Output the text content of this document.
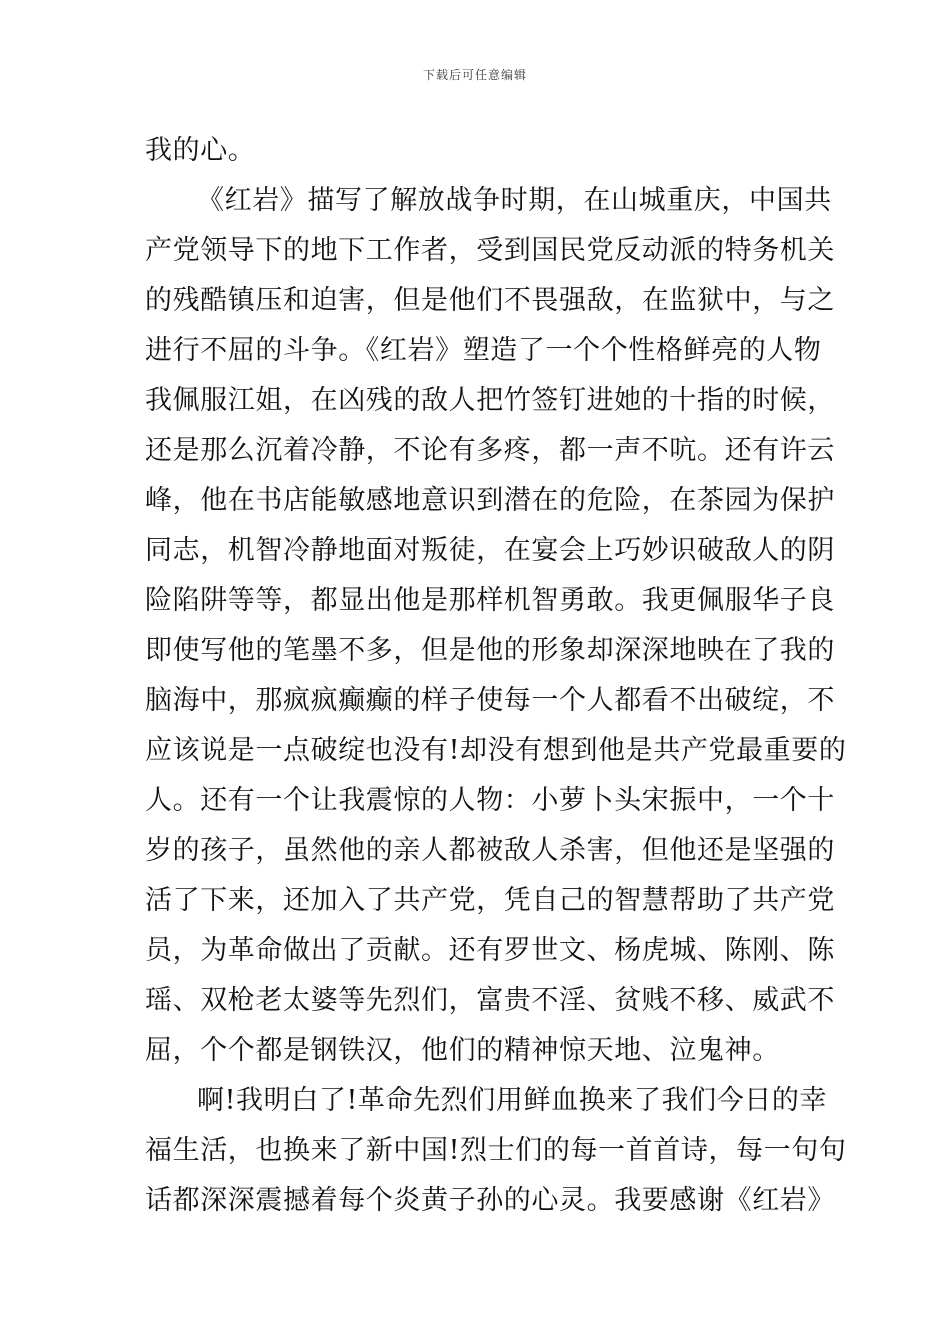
下载后可任意编辑
我的心。
《红岩》描写了解放战争时期，在山城重庆，中国共
产党领导下的地下工作者，受到国民党反动派的特务机关
的残酷镇压和迫害，但是他们不畏强敌，在监狱中，与之
进行不屈的斗争。《红岩》塑造了一个个性格鲜亮的人物
我佩服江姐，在凶残的敌人把竹签钉进她的十指的时候，
还是那么沉着冷静，不论有多疼，都一声不吭。还有许云
峰，他在书店能敏感地意识到潜在的危险，在茶园为保护
同志，机智冷静地面对叛徒，在宴会上巧妙识破敌人的阴
险陷阱等等，都显出他是那样机智勇敢。我更佩服华子良
即使写他的笔墨不多，但是他的形象却深深地映在了我的
脑海中，那疯疯癫癫的样子使每一个人都看不出破绽，不
应该说是一点破绽也没有!却没有想到他是共产党最重要的
人。还有一个让我震惊的人物：小萝卜头宋振中，一个十
岁的孩子，虽然他的亲人都被敌人杀害，但他还是坚强的
活了下来，还加入了共产党，凭自己的智慧帮助了共产党
员，为革命做出了贡献。还有罗世文、杨虎城、陈刚、陈
瑶、双枪老太婆等先烈们，富贵不淫、贫贱不移、威武不
屈，个个都是钢铁汉，他们的精神惊天地、泣鬼神。
啊!我明白了!革命先烈们用鲜血换来了我们今日的幸
福生活，也换来了新中国!烈士们的每一首首诗，每一句句
话都深深震撼着每个炎黄子孙的心灵。我要感谢《红岩》
